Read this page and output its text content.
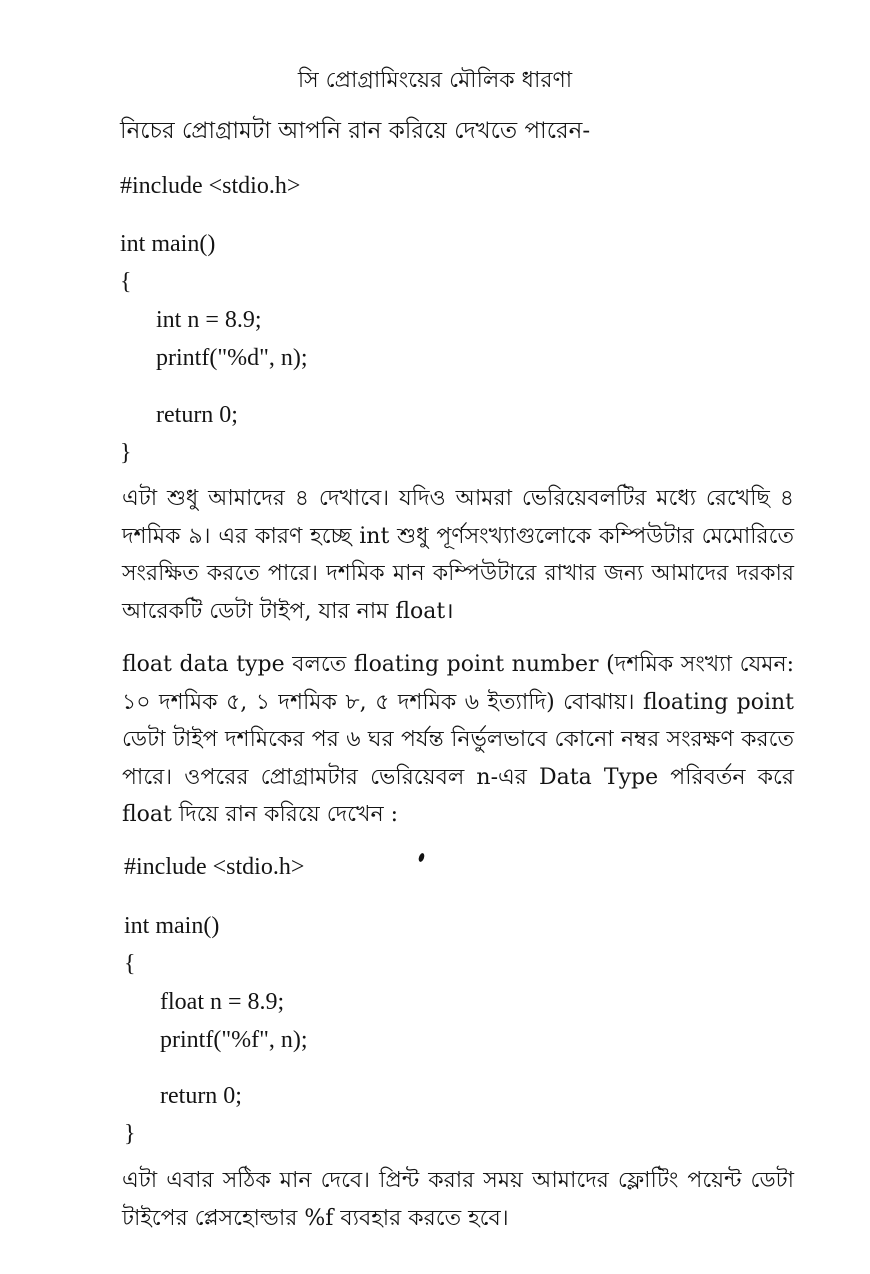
সি প্রোগ্রামিংয়ের মৌলিক ধারণা
নিচের প্রোগ্রামটা আপনি রান করিয়ে দেখতে পারেন-
#include <stdio.h>
int main()
{
int n = 8.9;
printf("%d", n);
return 0;
}
এটা শুধু আমাদের ৪ দেখাবে। যদিও আমরা ভেরিয়েবলটির মধ্যে রেখেছি ৪ দশমিক ৯। এর কারণ হচ্ছে int শুধু পূর্ণসংখ্যাগুলোকে কম্পিউটার মেমোরিতে সংরক্ষিত করতে পারে। দশমিক মান কম্পিউটারে রাখার জন্য আমাদের দরকার আরেকটি ডেটা টাইপ, যার নাম float।
float data type বলতে floating point number (দশমিক সংখ্যা যেমন: ১০ দশমিক ৫, ১ দশমিক ৮, ৫ দশমিক ৬ ইত্যাদি) বোঝায়। floating point ডেটা টাইপ দশমিকের পর ৬ ঘর পর্যন্ত নির্ভুলভাবে কোনো নম্বর সংরক্ষণ করতে পারে। ওপরের প্রোগ্রামটার ভেরিয়েবল n-এর Data Type পরিবর্তন করে float দিয়ে রান করিয়ে দেখেন :
#include <stdio.h>
int main()
{
float n = 8.9;
printf("%f", n);
return 0;
}
এটা এবার সঠিক মান দেবে। প্রিন্ট করার সময় আমাদের ফ্লোটিং পয়েন্ট ডেটা টাইপের প্লেসহোল্ডার %f ব্যবহার করতে হবে।
